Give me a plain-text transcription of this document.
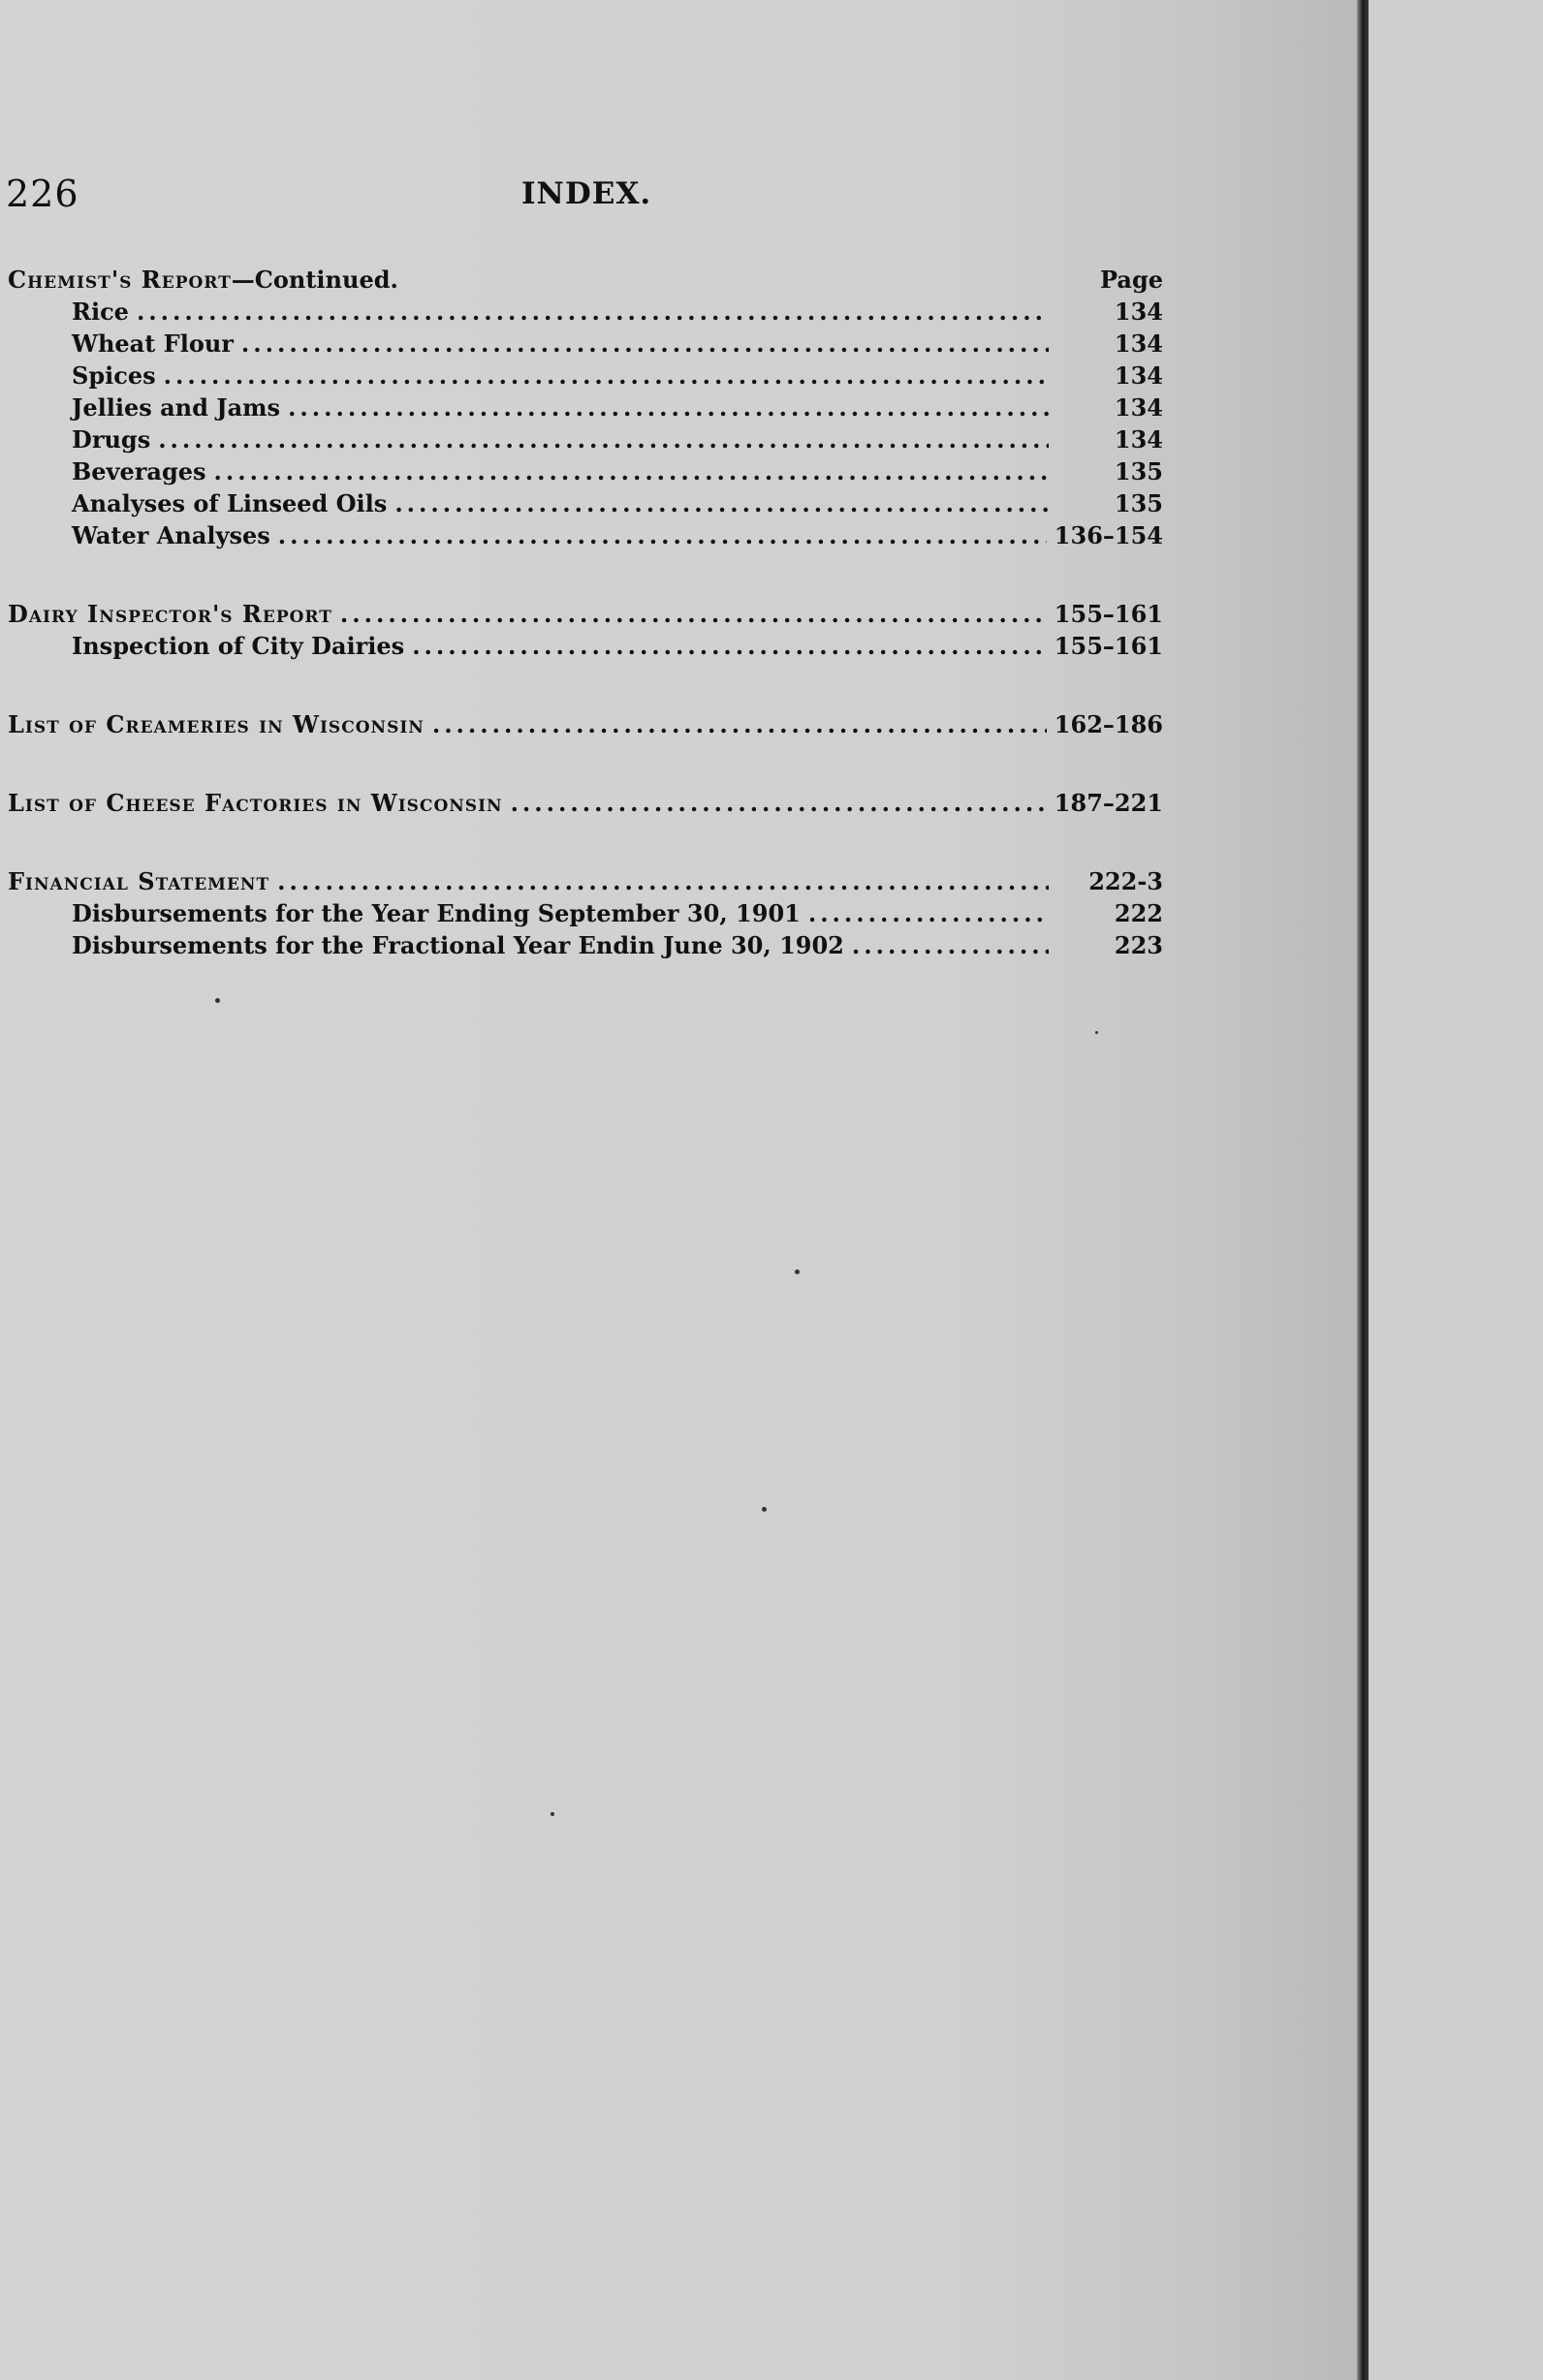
226	INDEX.
Chemist's Report—Continued.	Page
Rice .....	134
Wheat Flour .....	134
Spices .....	134
Jellies and Jams .....	134
Drugs .....	134
Beverages .....	135
Analyses of Linseed Oils .....	135
Water Analyses .....	136–154
Dairy Inspector's Report .....	155–161
Inspection of City Dairies .....	155–161
List of Creameries in Wisconsin .....	162–186
List of Cheese Factories in Wisconsin .....	187–221
Financial Statement .....	222-3
Disbursements for the Year Ending September 30, 1901 .....	222
Disbursements for the Fractional Year Endin June 30, 1902 .....	223
